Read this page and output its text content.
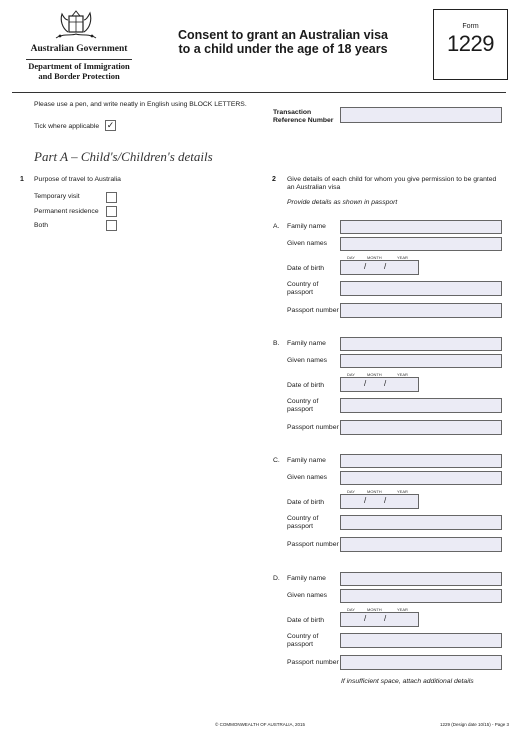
Australian Government
Department of Immigration
and Border Protection
Consent to grant an Australian visa
to a child under the age of 18 years
Form
1229
Please use a pen, and write neatly in English using BLOCK LETTERS.
Tick where applicable ✓
Transaction
Reference Number
Part A – Child's/Children's details
1 Purpose of travel to Australia
Temporary visit
Permanent residence
Both
2 Give details of each child for whom you give permission to be granted
an Australian visa
Provide details as shown in passport
A. Family name
Given names
DAY	MONTH	YEAR
Date of birth	/ /
Country of
passport
Passport number
B. Family name
Given names
DAY	MONTH	YEAR
Date of birth	/ /
Country of
passport
Passport number
C. Family name
Given names
DAY	MONTH	YEAR
Date of birth	/ /
Country of
passport
Passport number
D. Family name
Given names
DAY	MONTH	YEAR
Date of birth	/ /
Country of
passport
Passport number
If insufficient space, attach additional details
© COMMONWEALTH OF AUSTRALIA, 2015	1229 (Design date 10/15) - Page 3
